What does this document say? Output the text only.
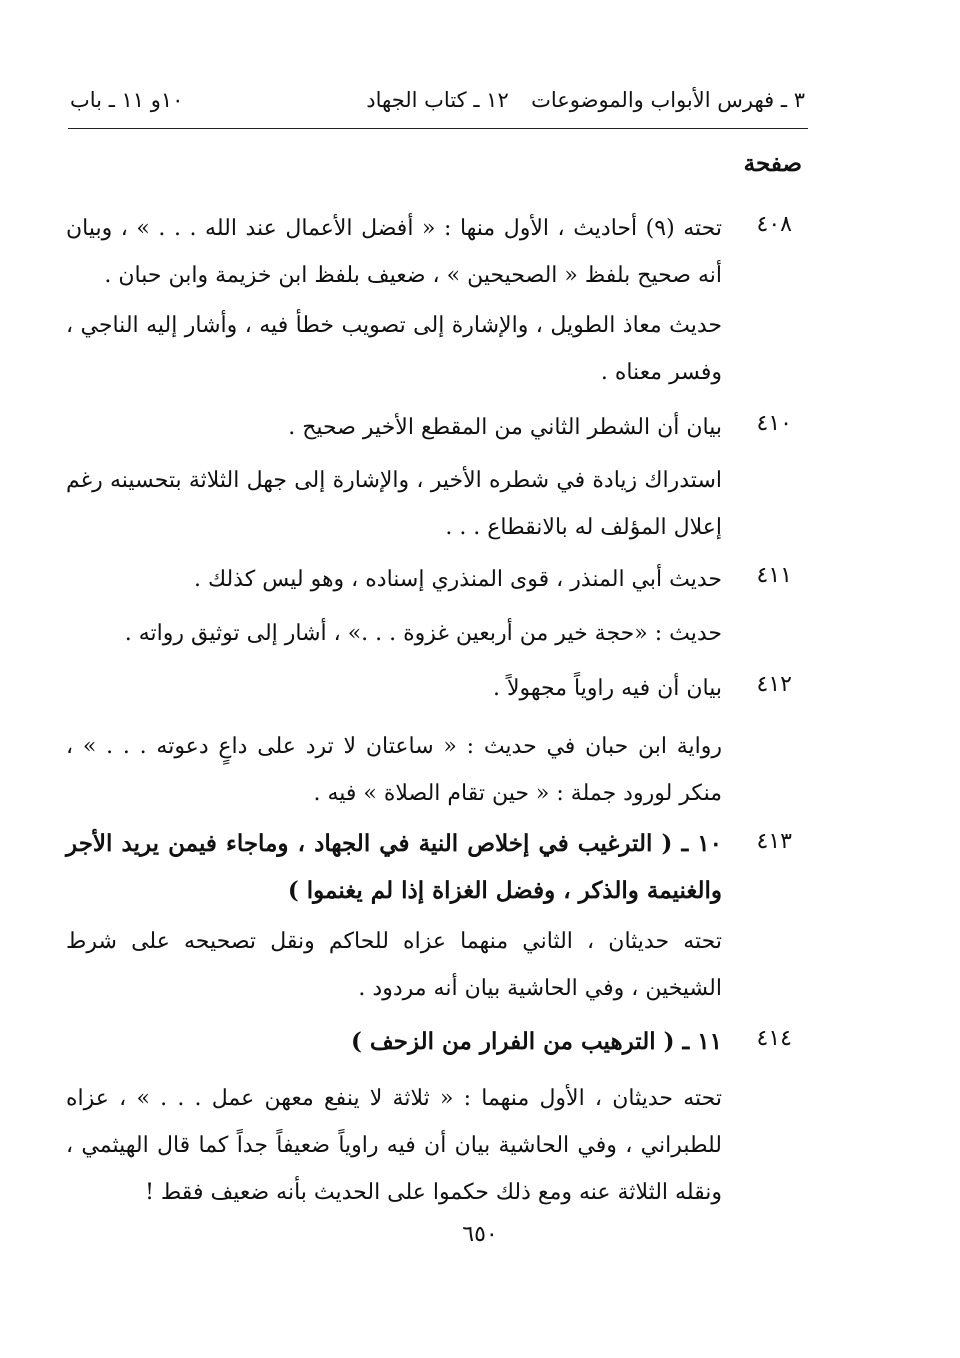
٣ ـ فهرس الأبواب والموضوعات
١٢ ـ كتاب الجهاد
١٠و ١١ ـ باب
صفحة
٤٠٨
تحته (٩) أحاديث ، الأول منها : « أفضل الأعمال عند الله . . . » ، وبيان أنه صحيح بلفظ « الصحيحين » ، ضعيف بلفظ ابن خزيمة وابن حبان .
حديث معاذ الطويل ، والإشارة إلى تصويب خطأ فيه ، وأشار إليه الناجي ، وفسر معناه .
٤١٠
بيان أن الشطر الثاني من المقطع الأخير صحيح .
استدراك زيادة في شطره الأخير ، والإشارة إلى جهل الثلاثة بتحسينه رغم إعلال المؤلف له بالانقطاع . . .
٤١١
حديث أبي المنذر ، قوى المنذري إسناده ، وهو ليس كذلك .
حديث : «حجة خير من أربعين غزوة . . .» ، أشار إلى توثيق رواته .
٤١٢
بيان أن فيه راوياً مجهولاً .
رواية ابن حبان في حديث : « ساعتان لا ترد على داعٍ دعوته . . . » ، منكر لورود جملة : « حين تقام الصلاة » فيه .
٤١٣
١٠ ـ ( الترغيب في إخلاص النية في الجهاد ، وماجاء فيمن يريد الأجر والغنيمة والذكر ، وفضل الغزاة إذا لم يغنموا )
تحته حديثان ، الثاني منهما عزاه للحاكم ونقل تصحيحه على شرط الشيخين ، وفي الحاشية بيان أنه مردود .
٤١٤
١١ ـ ( الترهيب من الفرار من الزحف )
تحته حديثان ، الأول منهما : « ثلاثة لا ينفع معهن عمل . . . » ، عزاه للطبراني ، وفي الحاشية بيان أن فيه راوياً ضعيفاً جداً كما قال الهيثمي ، ونقله الثلاثة عنه ومع ذلك حكموا على الحديث بأنه ضعيف فقط !
٦٥٠
